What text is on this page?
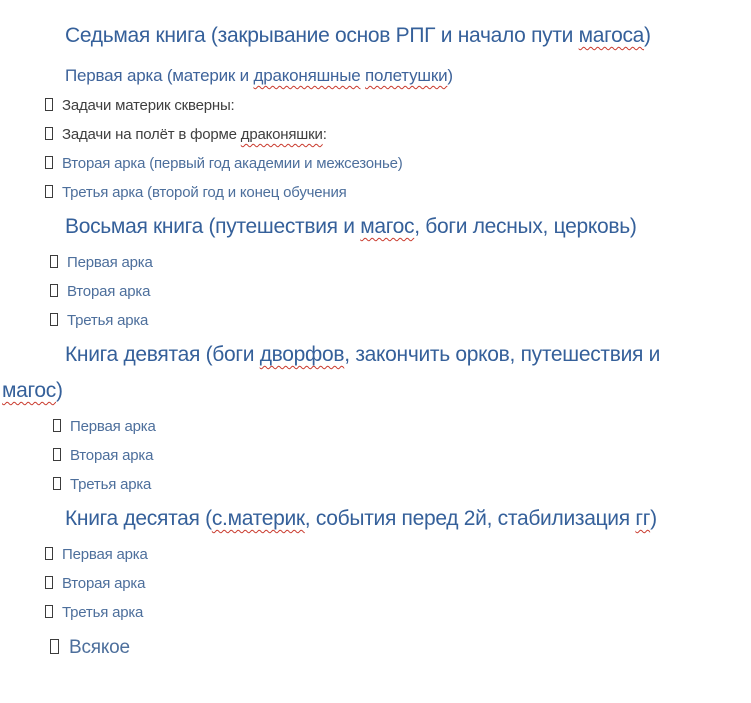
Седьмая книга (закрывание основ РПГ и начало пути магоса)
Первая арка (материк и драконяшные полетушки)
Задачи материк скверны:
Задачи на полёт в форме драконяшки:
Вторая арка (первый год академии и межсезонье)
Третья арка (второй год и конец обучения
Восьмая книга (путешествия и магос, боги лесных, церковь)
Первая арка
Вторая арка
Третья арка
Книга девятая (боги дворфов, закончить орков, путешествия и
магос)
Первая арка
Вторая арка
Третья арка
Книга десятая (с.материк, события перед 2й, стабилизация гг)
Первая арка
Вторая арка
Третья арка
Всякое
